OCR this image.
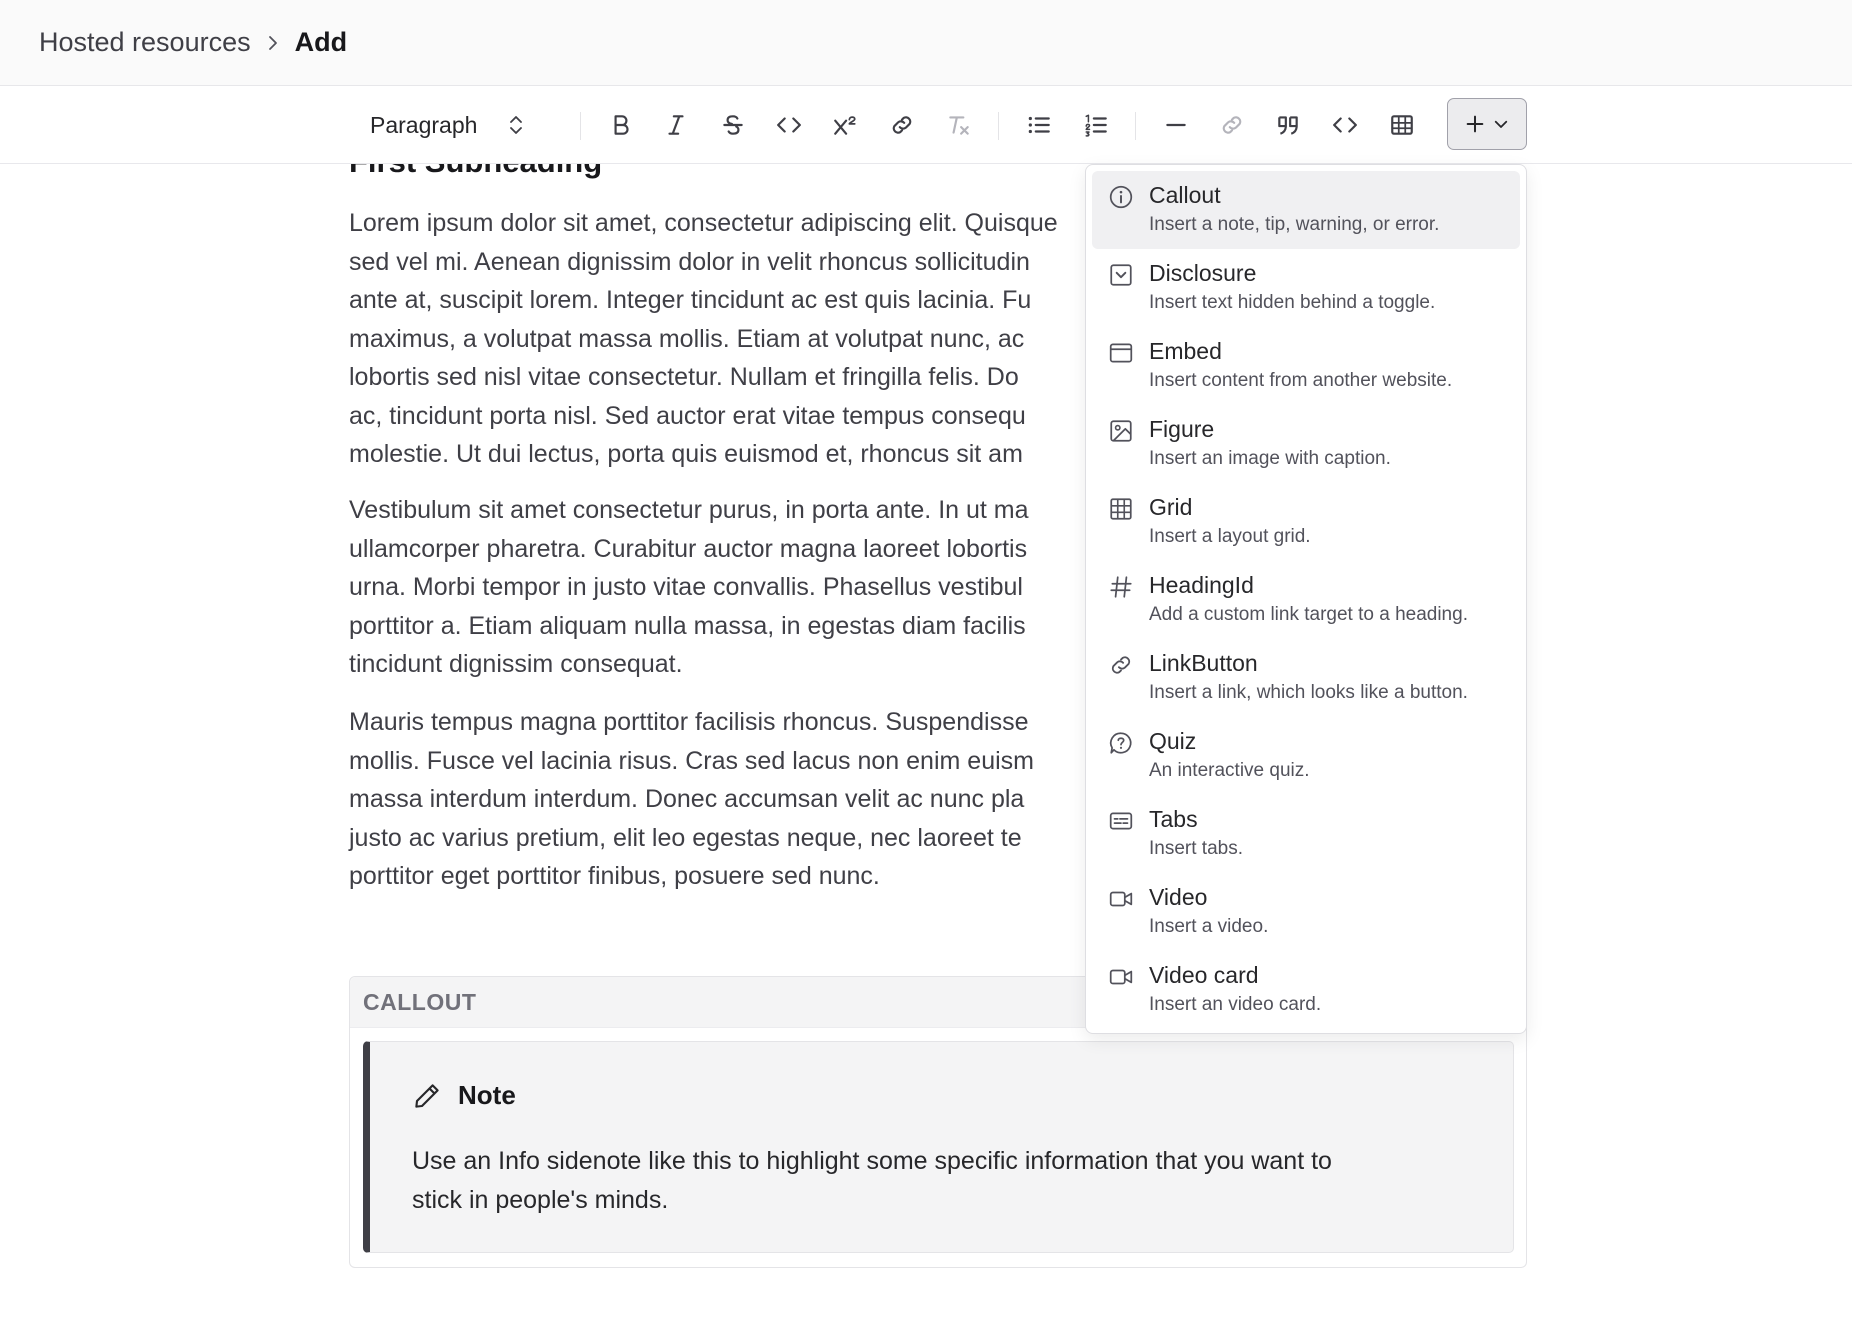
Hosted resources Add

Lorem ipsum dolor sit amet, consectetur adipiscing elit. Quisque
sed vel mi. Aenean dignissim dolor in velit rhoncus sollicitudin
ante at, suscipit lorem. Integer tincidunt ac est quis lacinia. Fu
maximus, a volutpat massa mollis. Etiam at volutpat nunc, ac
lobortis sed nisl vitae consectetur. Nullam et fringilla felis. Do
ac, tincidunt porta nisl. Sed auctor erat vitae tempus consequ
molestie. Ut dui lectus, porta quis euismod et, rhoncus sit am

Vestibulum sit amet consectetur purus, in porta ante. In ut ma
ullamcorper pharetra. Curabitur auctor magna laoreet lobortis
urna. Morbi tempor in justo vitae convallis. Phasellus vestibul
porttitor a. Etiam aliquam nulla massa, in egestas diam facilis
tincidunt dignissim consequat.

Mauris tempus magna porttitor facilisis rhoncus. Suspendisse
mollis. Fusce vel lacinia risus. Cras sed lacus non enim euism
massa interdum interdum. Donec accumsan velit ac nunc pla
justo ac varius pretium, elit leo egestas neque, nec laoreet te
porttitor eget porttitor finibus, posuere sed nunc.

CALLOUT
Note

Use an Info sidenote like this to highlight some specific information that you want to
stick in people's minds.

Paragraph
Callout
Insert a note, tip, warning, or error.
Disclosure
Insert text hidden behind a toggle.
Embed
Insert content from another website.
Figure
Insert an image with caption.
Grid
Insert a layout grid.
HeadingId
Add a custom link target to a heading.
LinkButton
Insert a link, which looks like a button.
Quiz
An interactive quiz.
Tabs
Insert tabs.
Video
Insert a video.
Video card
Insert an video card.
